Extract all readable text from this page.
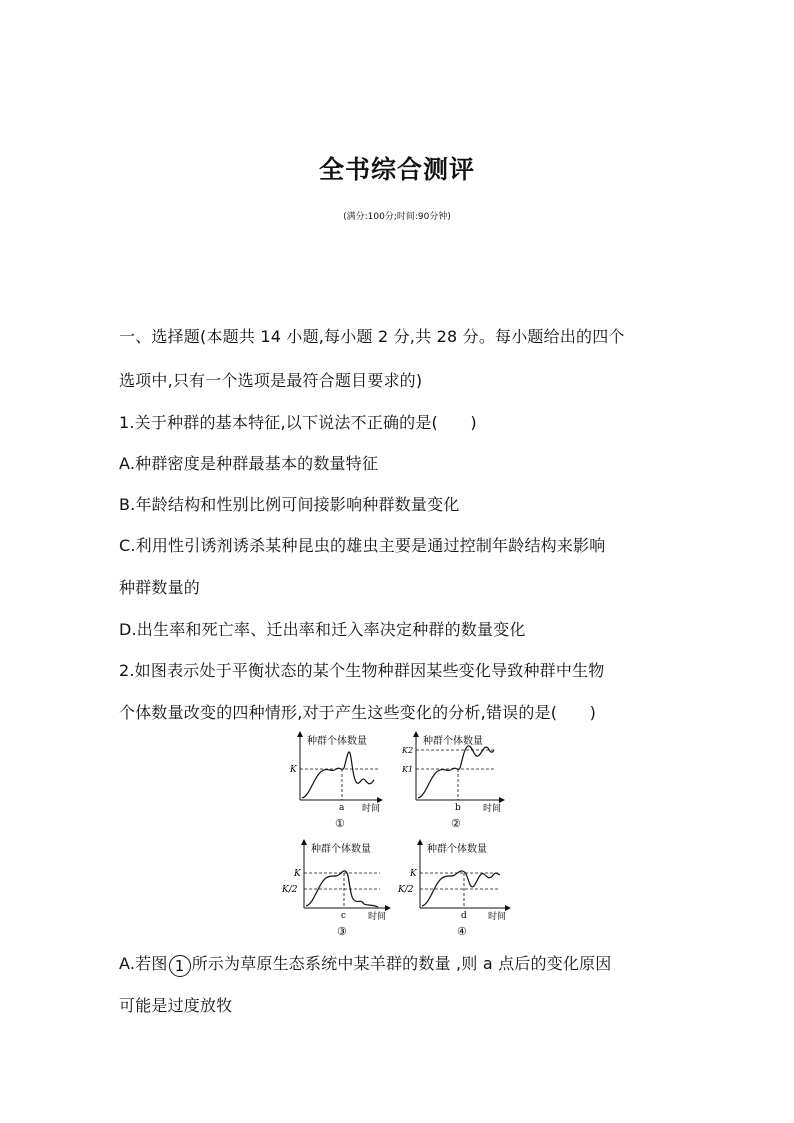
全书综合测评
(满分:100分;时间:90分钟)
一、选择题(本题共 14 小题,每小题 2 分,共 28 分。每小题给出的四个
选项中,只有一个选项是最符合题目要求的)
1.关于种群的基本特征,以下说法不正确的是(　　)
A.种群密度是种群最基本的数量特征
B.年龄结构和性别比例可间接影响种群数量变化
C.利用性引诱剂诱杀某种昆虫的雄虫主要是通过控制年龄结构来影响
种群数量的
D.出生率和死亡率、迁出率和迁入率决定种群的数量变化
2.如图表示处于平衡状态的某个生物种群因某些变化导致种群中生物
个体数量改变的四种情形,对于产生这些变化的分析,错误的是(　　)
种群个体数量
时间
K
a
①
种群个体数量
时间
K2
K1
b
②
种群个体数量
时间
K
K/2
c
③
种群个体数量
时间
K
K/2
d
④
A.若图 1 所示为草原生态系统中某羊群的数量 ,则 a 点后的变化原因
可能是过度放牧
